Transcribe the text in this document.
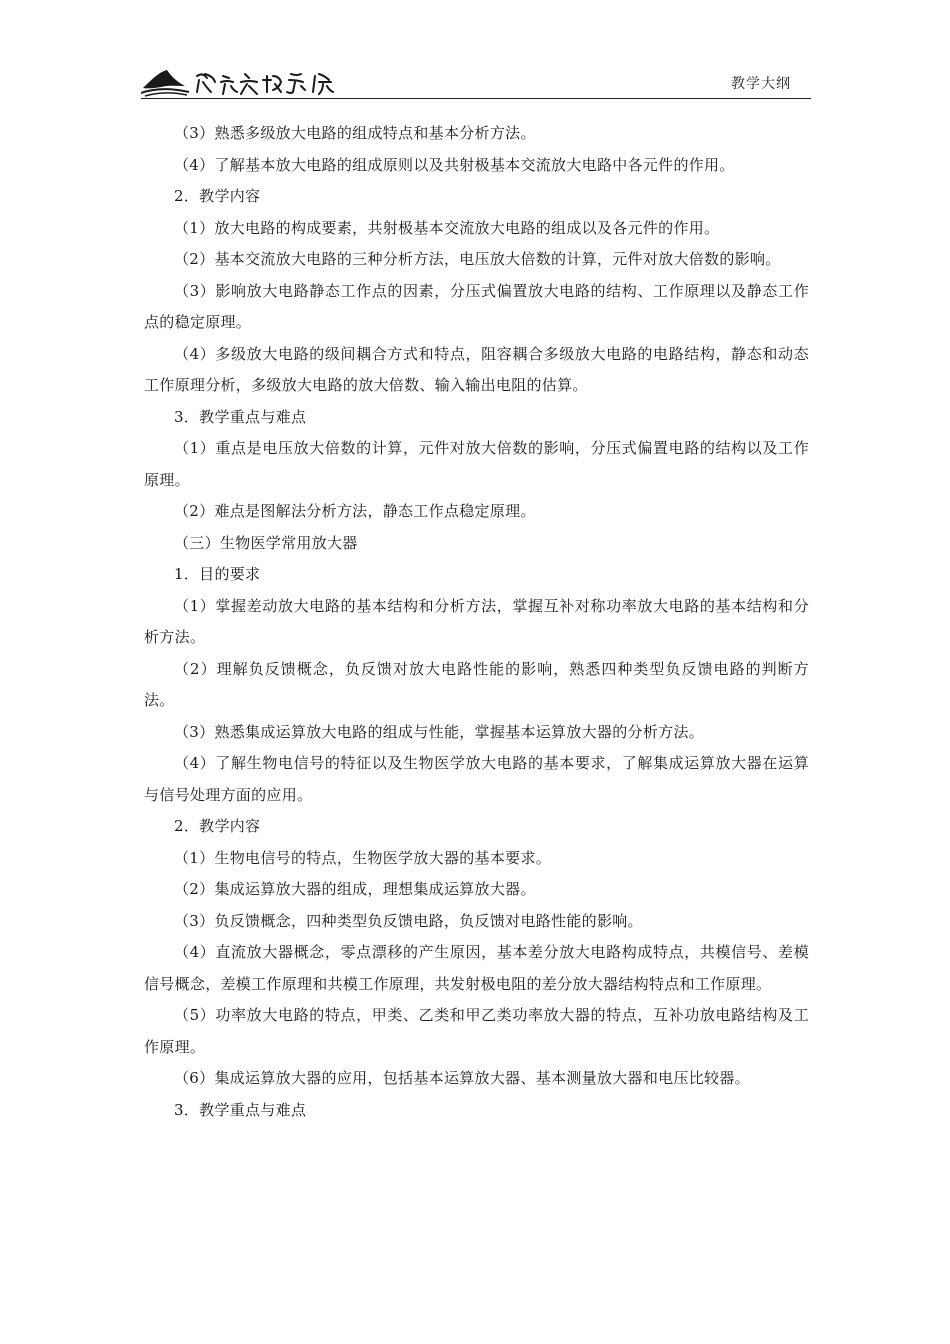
教学大纲

（3）熟悉多级放大电路的组成特点和基本分析方法。

（4）了解基本放大电路的组成原则以及共射极基本交流放大电路中各元件的作用。

2．教学内容

（1）放大电路的构成要素，共射极基本交流放大电路的组成以及各元件的作用。

（2）基本交流放大电路的三种分析方法，电压放大倍数的计算，元件对放大倍数的影响。

（3）影响放大电路静态工作点的因素，分压式偏置放大电路的结构、工作原理以及静态工作点的稳定原理。

（4）多级放大电路的级间耦合方式和特点，阻容耦合多级放大电路的电路结构，静态和动态工作原理分析，多级放大电路的放大倍数、输入输出电阻的估算。

3．教学重点与难点

（1）重点是电压放大倍数的计算，元件对放大倍数的影响，分压式偏置电路的结构以及工作原理。

（2）难点是图解法分析方法，静态工作点稳定原理。

（三）生物医学常用放大器

1．目的要求

（1）掌握差动放大电路的基本结构和分析方法，掌握互补对称功率放大电路的基本结构和分析方法。

（2）理解负反馈概念，负反馈对放大电路性能的影响，熟悉四种类型负反馈电路的判断方法。

（3）熟悉集成运算放大电路的组成与性能，掌握基本运算放大器的分析方法。

（4）了解生物电信号的特征以及生物医学放大电路的基本要求，了解集成运算放大器在运算与信号处理方面的应用。

2．教学内容

（1）生物电信号的特点，生物医学放大器的基本要求。

（2）集成运算放大器的组成，理想集成运算放大器。

（3）负反馈概念，四种类型负反馈电路，负反馈对电路性能的影响。

（4）直流放大器概念，零点漂移的产生原因，基本差分放大电路构成特点，共模信号、差模信号概念，差模工作原理和共模工作原理，共发射极电阻的差分放大器结构特点和工作原理。

（5）功率放大电路的特点，甲类、乙类和甲乙类功率放大器的特点，互补功放电路结构及工作原理。

（6）集成运算放大器的应用，包括基本运算放大器、基本测量放大器和电压比较器。

3．教学重点与难点
